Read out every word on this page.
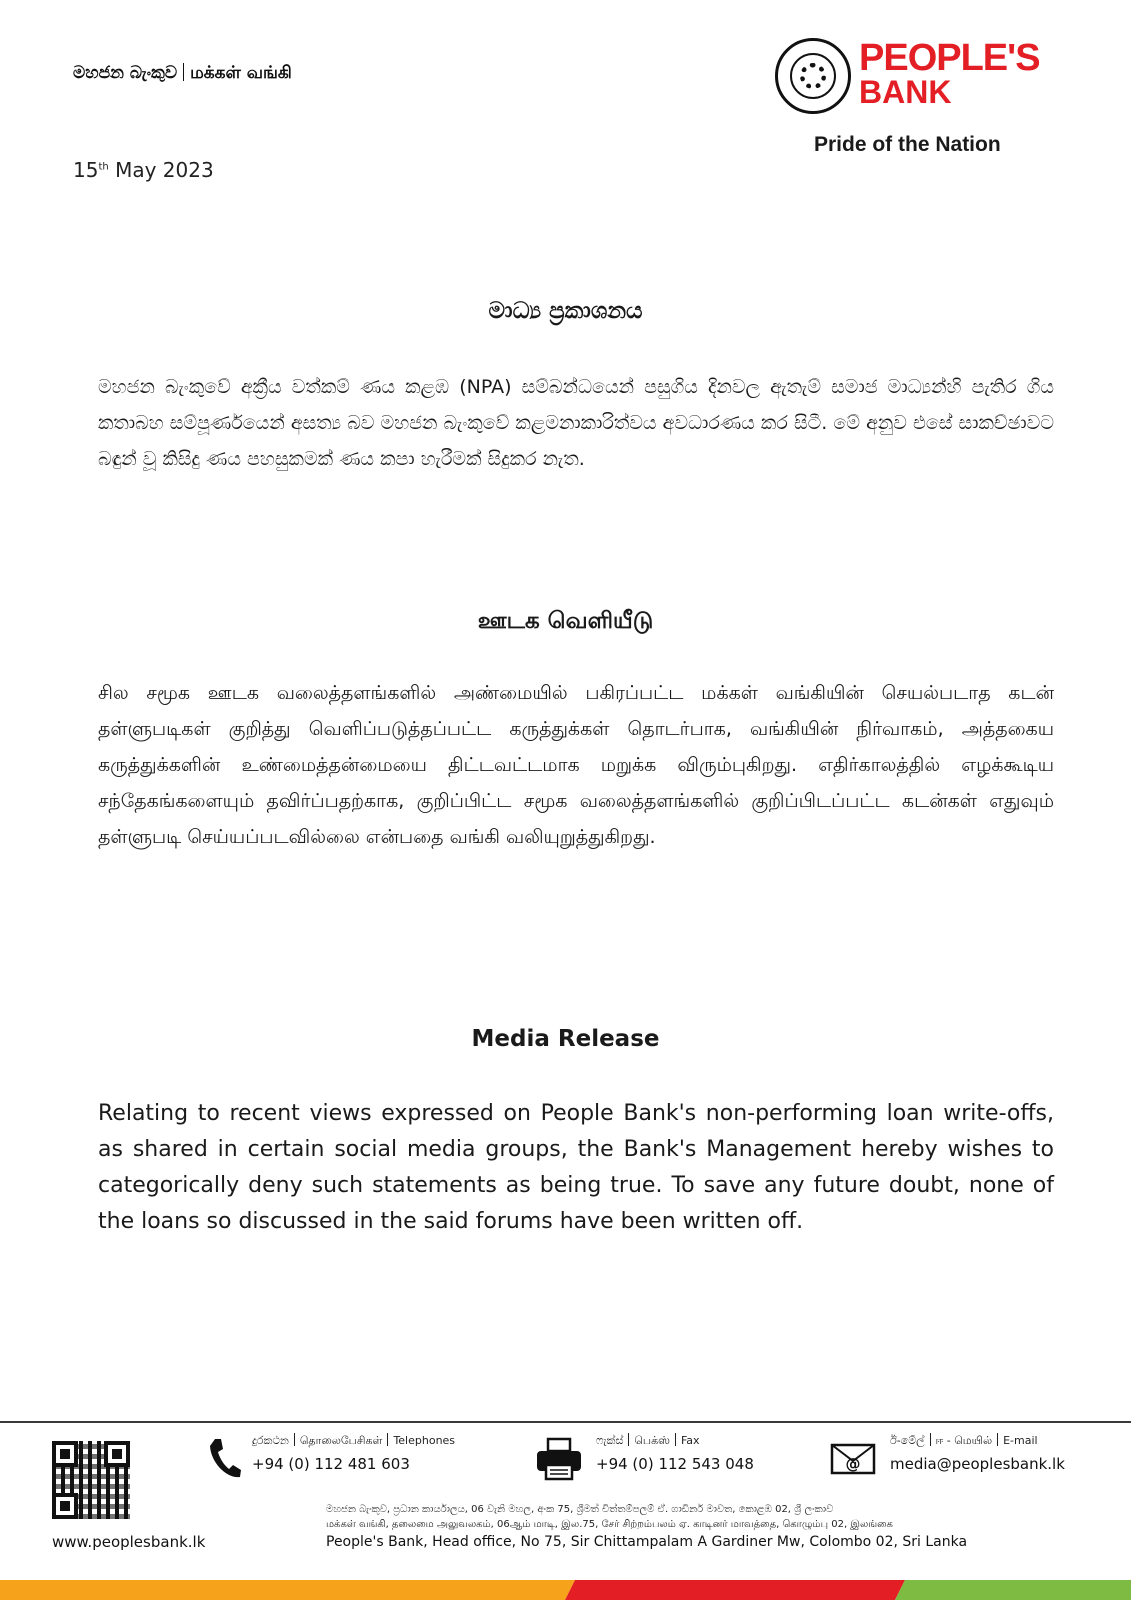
මහජන බැංකුව மக்கள் வங்கி
15th May 2023
PEOPLE'S
BANK
Pride of the Nation
මාධ්‍ය ප්‍රකාශනය
මහජන බැංකුවේ අක්‍රීය වත්කම් ණය කළඹ (NPA) සම්බන්ධයෙන් පසුගිය දිනවල ඇතැම් සමාජ මාධ්‍යන්හි පැතිර ගිය කතාබහ සම්පූර්ණයෙන් අසත්‍ය බව මහජන බැංකුවේ කළමනාකාරිත්වය අවධාරණය කර සිටී. මේ අනුව එසේ සාකච්ඡාවට බඳුන් වූ කිසිදු ණය පහසුකමක් ණය කපා හැරීමක් සිදුකර නැත.
ஊடக வெளியீடு
சில சமூக ஊடக வலைத்தளங்களில் அண்மையில் பகிரப்பட்ட மக்கள் வங்கியின் செயல்படாத கடன் தள்ளுபடிகள் குறித்து வெளிப்படுத்தப்பட்ட கருத்துக்கள் தொடர்பாக, வங்கியின் நிர்வாகம், அத்தகைய கருத்துக்களின் உண்மைத்தன்மையை திட்டவட்டமாக மறுக்க விரும்புகிறது. எதிர்காலத்தில் எழக்கூடிய சந்தேகங்களையும் தவிர்ப்பதற்காக, குறிப்பிட்ட சமூக வலைத்தளங்களில் குறிப்பிடப்பட்ட கடன்கள் எதுவும் தள்ளுபடி செய்யப்படவில்லை என்பதை வங்கி வலியுறுத்துகிறது.
Media Release
Relating to recent views expressed on People Bank's non-performing loan write-offs, as shared in certain social media groups, the Bank's Management hereby wishes to categorically deny such statements as being true. To save any future doubt, none of the loans so discussed in the said forums have been written off.
www.peoplesbank.lk
දුරකථන தொலைபேசிகள் Telephones
+94 (0) 112 481 603
ෆැක්ස් பெக்ஸ் Fax
+94 (0) 112 543 048	@
ඊ-මේල් ஈ - மெயில் E-mail
media@peoplesbank.lk
මහජන බැංකුව, ප්‍රධාන කාර්යාලය, 06 වැනි මහල, අංක 75, ශ්‍රීමත් චිත්තම්පලම් ඒ. ගාඩිනර් මාවත, කොළඹ 02, ශ්‍රී ලංකාව
மக்கள் வங்கி, தலைமை அலுவலகம், 06ஆம் மாடி, இல.75, சேர் சிற்றம்பலம் ஏ. காடினர் மாவத்தை, கொழும்பு 02, இலங்கை
People's Bank, Head office, No 75, Sir Chittampalam A Gardiner Mw, Colombo 02, Sri Lanka
